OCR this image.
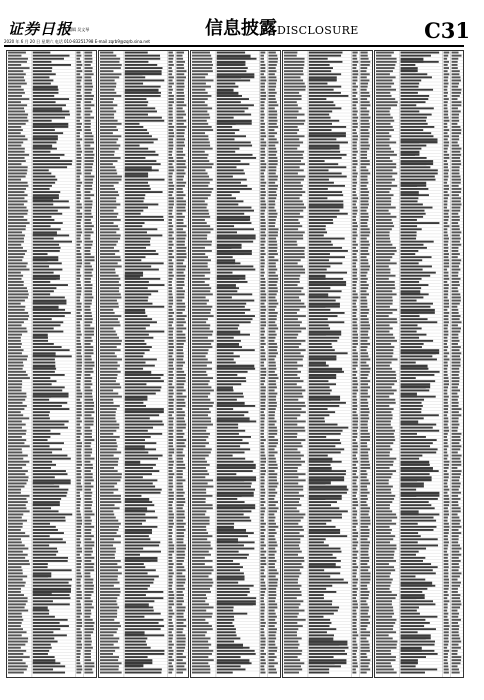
证券日报
编辑 吴文琴
2020 年 6 月 20 日 星期六 电话 010-83251798 E-mail zqrb9@zqrb.sina.net
信息披露DISCLOSURE	C31
